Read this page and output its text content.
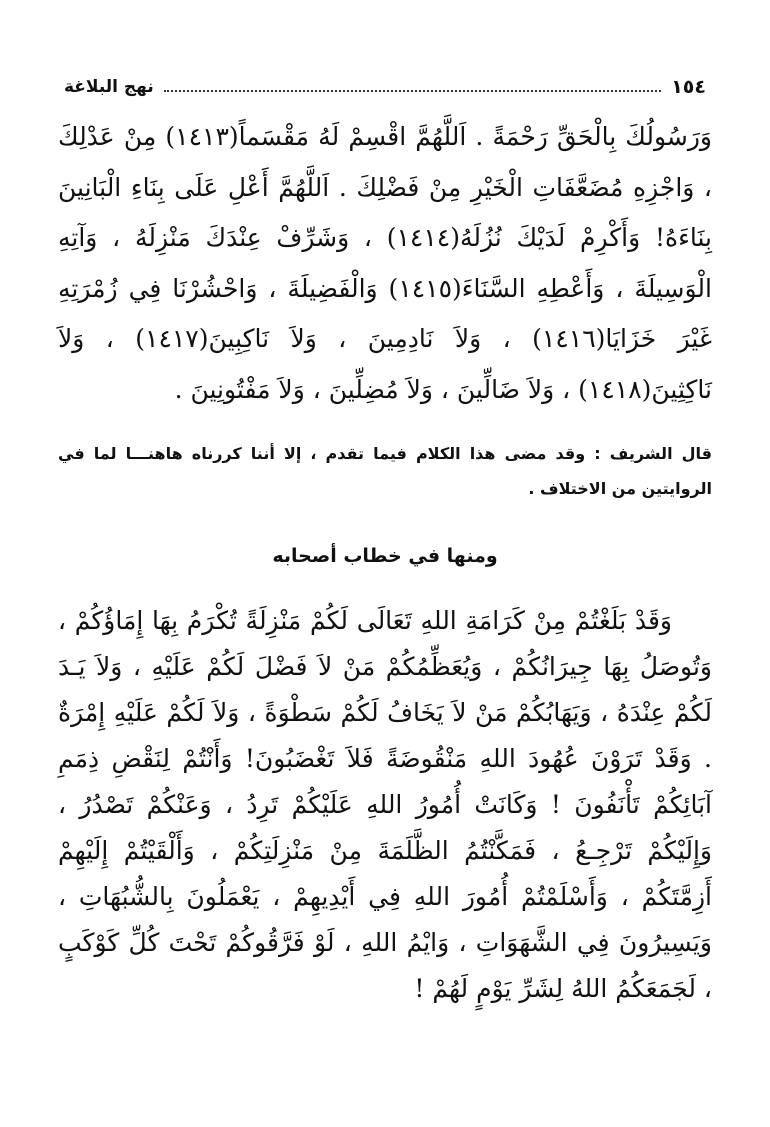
١٥٤
نهج البلاغة

وَرَسُولُكَ بِالْحَقِّ رَحْمَةً . اَللَّهُمَّ اقْسِمْ لَهُ مَقْسَماً(١٤١٣) مِنْ عَدْلِكَ ، وَاجْزِهِ مُضَعَّفَاتِ الْخَيْرِ مِنْ فَضْلِكَ . اَللَّهُمَّ أَعْلِ عَلَى بِنَاءِ الْبَانِينَ بِنَاءَهُ! وَأَكْرِمْ لَدَيْكَ نُزُلَهُ(١٤١٤) ، وَشَرِّفْ عِنْدَكَ مَنْزِلَهُ ، وَآتِهِ الْوَسِيلَةَ ، وَأَعْطِهِ السَّنَاءَ(١٤١٥) وَالْفَضِيلَةَ ، وَاحْشُرْنَا فِي زُمْرَتِهِ غَيْرَ خَزَايَا(١٤١٦) ، وَلاَ نَادِمِينَ ، وَلاَ نَاكِبِينَ(١٤١٧) ، وَلاَ نَاكِثِينَ(١٤١٨) ، وَلاَ ضَالِّينَ ، وَلاَ مُضِلِّينَ ، وَلاَ مَفْتُونِينَ .

قال الشريف : وقد مضى هذا الكلام فيما تقدم ، إلا أننا كررناه هاهنـــا لما في الروايتين من الاختلاف .

ومنها في خطاب أصحابه

وَقَدْ بَلَغْتُمْ مِنْ كَرَامَةِ اللهِ تَعَالَى لَكُمْ مَنْزِلَةً تُكْرَمُ بِهَا إِمَاؤُكُمْ ، وَتُوصَلُ بِهَا جِيرَانُكُمْ ، وَيُعَظِّمُكُمْ مَنْ لاَ فَضْلَ لَكُمْ عَلَيْهِ ، وَلاَ يَـدَ لَكُمْ عِنْدَهُ ، وَيَهَابُكُمْ مَنْ لاَ يَخَافُ لَكُمْ سَطْوَةً ، وَلاَ لَكُمْ عَلَيْهِ إِمْرَةٌ . وَقَدْ تَرَوْنَ عُهُودَ اللهِ مَنْقُوضَةً فَلاَ تَغْضَبُونَ! وَأَنْتُمْ لِنَقْضِ ذِمَمِ آبَائِكُمْ تَأْنَفُونَ ! وَكَانَتْ أُمُورُ اللهِ عَلَيْكُمْ تَرِدُ ، وَعَنْكُمْ تَصْدُرُ ، وَإِلَيْكُمْ تَرْجِـعُ ، فَمَكَّنْتُمُ الظَّلَمَةَ مِنْ مَنْزِلَتِكُمْ ، وَأَلْقَيْتُمْ إِلَيْهِمْ أَزِمَّتَكُمْ ، وَأَسْلَمْتُمْ أُمُورَ اللهِ فِي أَيْدِيهِمْ ، يَعْمَلُونَ بِالشُّبُهَاتِ ، وَيَسِيرُونَ فِي الشَّهَوَاتِ ، وَايْمُ اللهِ ، لَوْ فَرَّقُوكُمْ تَحْتَ كُلِّ كَوْكَبٍ ، لَجَمَعَكُمُ اللهُ لِشَرِّ يَوْمٍ لَهُمْ !
